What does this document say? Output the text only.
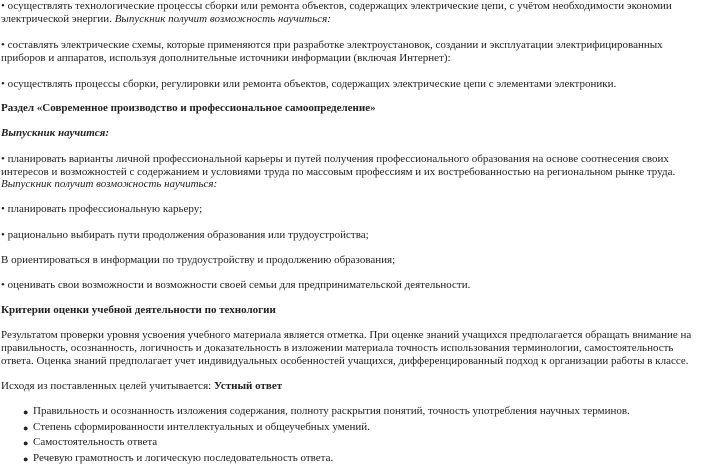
• осуществлять технологические процессы сборки или ремонта объектов, содержащих электрические цепи, с учётом необходимости экономии

электрической энергии. Выпускник получит возможность научиться:

• составлять электрические схемы, которые применяются при разработке электроустановок, создании и эксплуатации электрифицированных

приборов и аппаратов, используя дополнительные источники информации (включая Интернет):

• осуществлять процессы сборки, регулировки или ремонта объектов, содержащих электрические цепи с элементами электроники.

Раздел «Современное производство и профессиональное самоопределение»

Выпускник научится:

• планировать варианты личной профессиональной карьеры и путей получения профессионального образования на основе соотнесения своих

интересов и возможностей с содержанием и условиями труда по массовым профессиям и их востребованностью на региональном рынке труда.

Выпускник получит возможность научиться:

• планировать профессиональную карьеру;

• рационально выбирать пути продолжения образования или трудоустройства;

В ориентироваться в информации по трудоустройству и продолжению образования;

• оценивать свои возможности и возможности своей семьи для предпринимательской деятельности.

Критерии оценки учебной деятельности по технологии

Результатом проверки уровня усвоения учебного материала является отметка. При оценке знаний учащихся предполагается обращать внимание на

правильность, осознанность, логичность и доказательность в изложении материала точность использования терминологии, самостоятельность

ответа. Оценка знаний предполагает учет индивидуальных особенностей учащихся, дифференцированный подход к организации работы в классе.

Исходя из поставленных целей учитывается: Устный ответ

● Правильность и осознанность изложения содержания, полноту раскрытия понятий, точность употребления научных терминов.
● Степень сформированности интеллектуальных и общеучебных умений.
● Самостоятельность ответа
● Речевую грамотность и логическую последовательность ответа.
